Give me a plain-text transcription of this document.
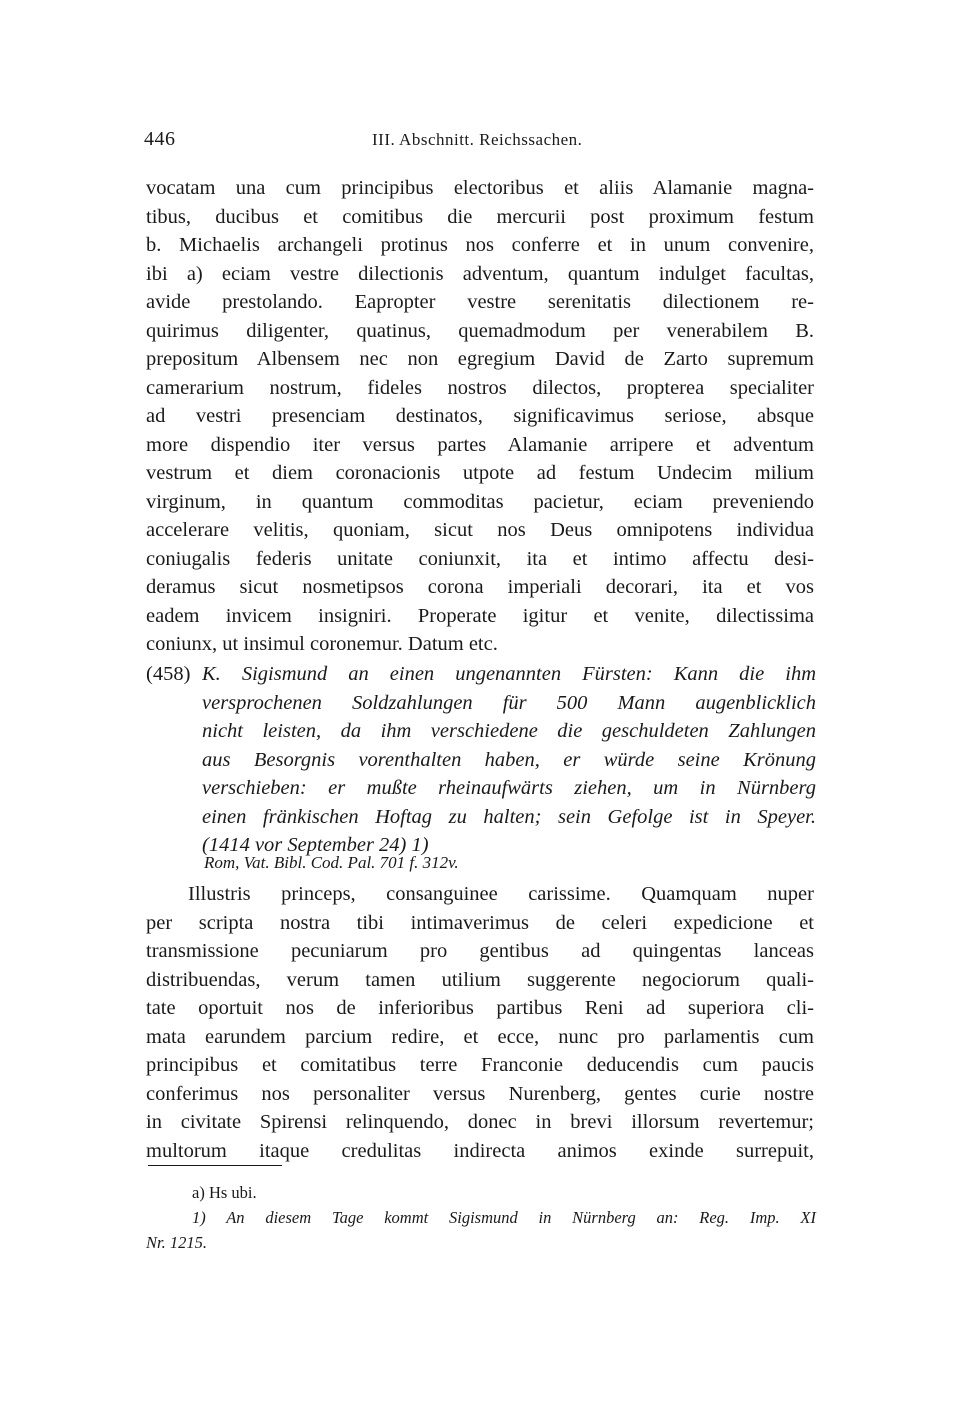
446	III. Abschnitt. Reichssachen.
vocatam una cum principibus electoribus et aliis Alamanie magna-
tibus, ducibus et comitibus die mercurii post proximum festum
b. Michaelis archangeli protinus nos conferre et in unum convenire,
ibi a) eciam vestre dilectionis adventum, quantum indulget facultas,
avide prestolando. Eapropter vestre serenitatis dilectionem re-
quirimus diligenter, quatinus, quemadmodum per venerabilem B.
prepositum Albensem nec non egregium David de Zarto supremum
camerarium nostrum, fideles nostros dilectos, propterea specialiter
ad vestri presenciam destinatos, significavimus seriose, absque
more dispendio iter versus partes Alamanie arripere et adventum
vestrum et diem coronacionis utpote ad festum Undecim milium
virginum, in quantum commoditas pacietur, eciam preveniendo
accelerare velitis, quoniam, sicut nos Deus omnipotens individua
coniugalis federis unitate coniunxit, ita et intimo affectu desi-
deramus sicut nosmetipsos corona imperiali decorari, ita et vos
eadem invicem insigniri. Properate igitur et venite, dilectissima
coniunx, ut insimul coronemur. Datum etc.
(458) K. Sigismund an einen ungenannten Fürsten: Kann die ihm
versprochenen Soldzahlungen für 500 Mann augenblicklich
nicht leisten, da ihm verschiedene die geschuldeten Zahlungen
aus Besorgnis vorenthalten haben, er würde seine Krönung
verschieben: er mußte rheinaufwärts ziehen, um in Nürnberg
einen fränkischen Hoftag zu halten; sein Gefolge ist in Speyer.
(1414 vor September 24) 1)
Rom, Vat. Bibl. Cod. Pal. 701 f. 312v.
Illustris princeps, consanguinee carissime. Quamquam nuper
per scripta nostra tibi intimaverimus de celeri expedicione et
transmissione pecuniarum pro gentibus ad quingentas lanceas
distribuendas, verum tamen utilium suggerente negociorum quali-
tate oportuit nos de inferioribus partibus Reni ad superiora cli-
mata earundem parcium redire, et ecce, nunc pro parlamentis cum
principibus et comitatibus terre Franconie deducendis cum paucis
conferimus nos personaliter versus Nurenberg, gentes curie nostre
in civitate Spirensi relinquendo, donec in brevi illorsum revertemur;
multorum itaque credulitas indirecta animos exinde surrepuit,
a) Hs ubi.
1) An diesem Tage kommt Sigismund in Nürnberg an: Reg. Imp. XI
Nr. 1215.
